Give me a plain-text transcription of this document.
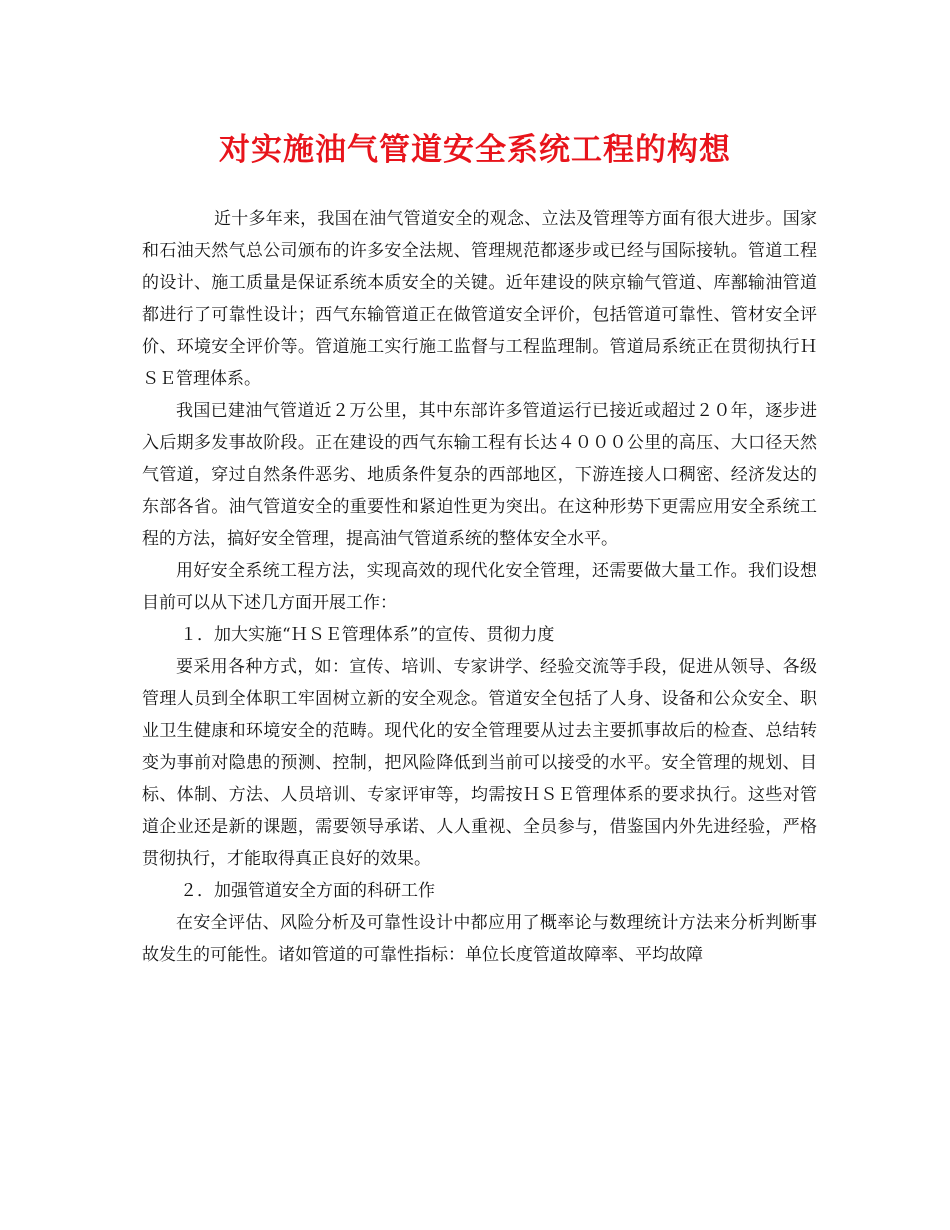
对实施油气管道安全系统工程的构想

近十多年来，我国在油气管道安全的观念、立法及管理等方面有很大进步。国家和石油天然气总公司颁布的许多安全法规、管理规范都逐步或已经与国际接轨。管道工程的设计、施工质量是保证系统本质安全的关键。近年建设的陕京输气管道、库鄯输油管道都进行了可靠性设计；西气东输管道正在做管道安全评价，包括管道可靠性、管材安全评价、环境安全评价等。管道施工实行施工监督与工程监理制。管道局系统正在贯彻执行ＨＳＥ管理体系。

我国已建油气管道近２万公里，其中东部许多管道运行已接近或超过２０年，逐步进入后期多发事故阶段。正在建设的西气东输工程有长达４０００公里的高压、大口径天然气管道，穿过自然条件恶劣、地质条件复杂的西部地区，下游连接人口稠密、经济发达的东部各省。油气管道安全的重要性和紧迫性更为突出。在这种形势下更需应用安全系统工程的方法，搞好安全管理，提高油气管道系统的整体安全水平。

用好安全系统工程方法，实现高效的现代化安全管理，还需要做大量工作。我们设想目前可以从下述几方面开展工作：

１．加大实施“ＨＳＥ管理体系”的宣传、贯彻力度

要采用各种方式，如：宣传、培训、专家讲学、经验交流等手段，促进从领导、各级管理人员到全体职工牢固树立新的安全观念。管道安全包括了人身、设备和公众安全、职业卫生健康和环境安全的范畴。现代化的安全管理要从过去主要抓事故后的检查、总结转变为事前对隐患的预测、控制，把风险降低到当前可以接受的水平。安全管理的规划、目标、体制、方法、人员培训、专家评审等，均需按ＨＳＥ管理体系的要求执行。这些对管道企业还是新的课题，需要领导承诺、人人重视、全员参与，借鉴国内外先进经验，严格贯彻执行，才能取得真正良好的效果。

２．加强管道安全方面的科研工作

在安全评估、风险分析及可靠性设计中都应用了概率论与数理统计方法来分析判断事故发生的可能性。诸如管道的可靠性指标：单位长度管道故障率、平均故障
